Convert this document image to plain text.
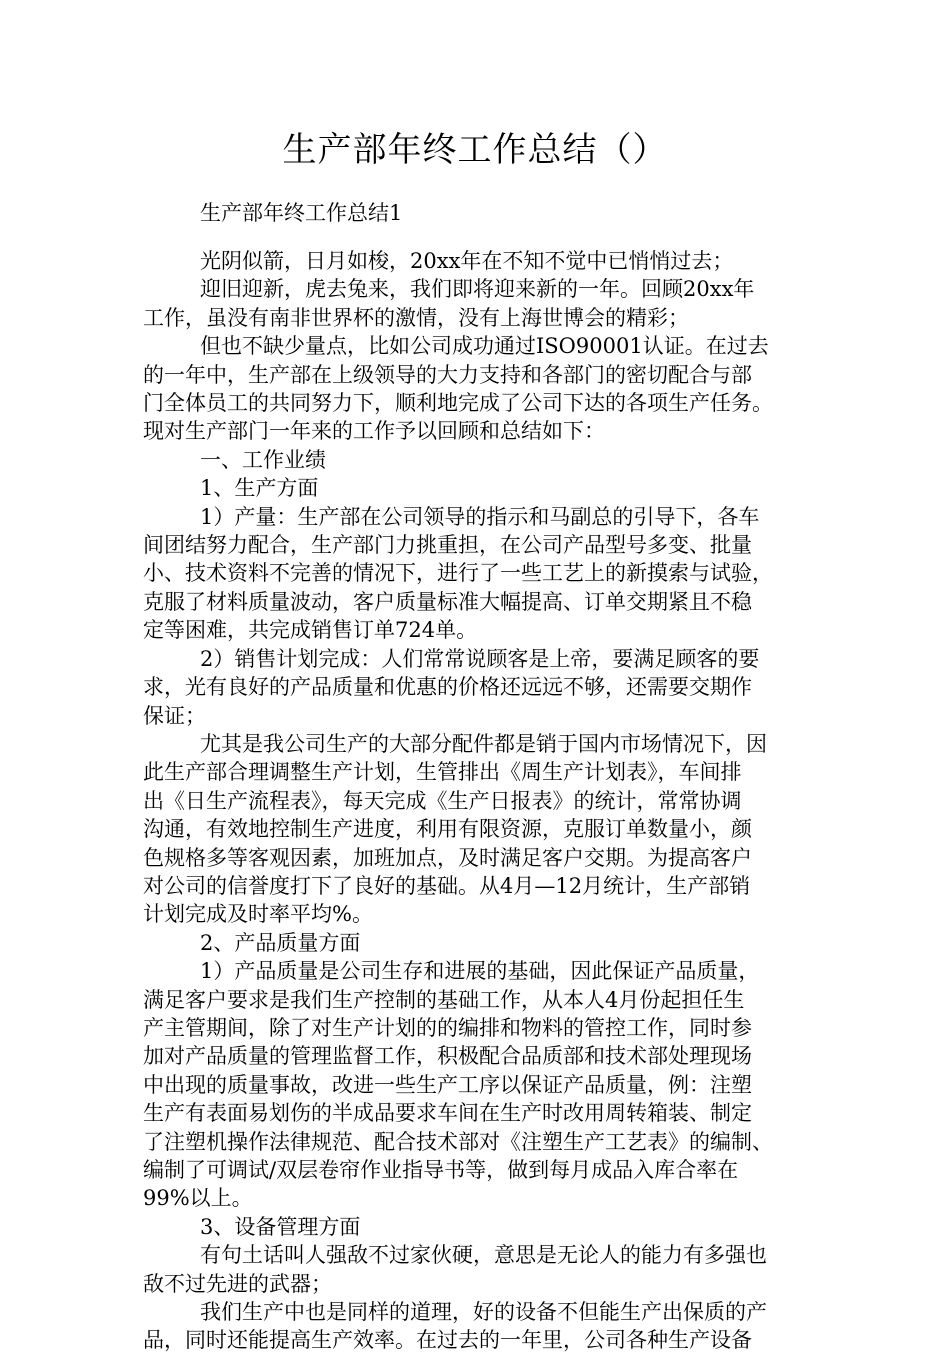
生产部年终工作总结（）
生产部年终工作总结1
光阴似箭，日月如梭，20xx年在不知不觉中已悄悄过去；
迎旧迎新，虎去兔来，我们即将迎来新的一年。回顾20xx年
工作，虽没有南非世界杯的激情，没有上海世博会的精彩；
但也不缺少量点，比如公司成功通过ISO90001认证。在过去
的一年中，生产部在上级领导的大力支持和各部门的密切配合与部
门全体员工的共同努力下，顺利地完成了公司下达的各项生产任务。
现对生产部门一年来的工作予以回顾和总结如下：
一、工作业绩
1、生产方面
1）产量：生产部在公司领导的指示和马副总的引导下，各车
间团结努力配合，生产部门力挑重担，在公司产品型号多变、批量
小、技术资料不完善的情况下，进行了一些工艺上的新摸索与试验，
克服了材料质量波动，客户质量标准大幅提高、订单交期紧且不稳
定等困难，共完成销售订单724单。
2）销售计划完成：人们常常说顾客是上帝，要满足顾客的要
求，光有良好的产品质量和优惠的价格还远远不够，还需要交期作
保证；
尤其是我公司生产的大部分配件都是销于国内市场情况下，因
此生产部合理调整生产计划，生管排出《周生产计划表》，车间排
出《日生产流程表》，每天完成《生产日报表》的统计，常常协调
沟通，有效地控制生产进度，利用有限资源，克服订单数量小，颜
色规格多等客观因素，加班加点，及时满足客户交期。为提高客户
对公司的信誉度打下了良好的基础。从4月—12月统计，生产部销
计划完成及时率平均%。
2、产品质量方面
1）产品质量是公司生存和进展的基础，因此保证产品质量，
满足客户要求是我们生产控制的基础工作，从本人4月份起担任生
产主管期间，除了对生产计划的的编排和物料的管控工作，同时参
加对产品质量的管理监督工作，积极配合品质部和技术部处理现场
中出现的质量事故，改进一些生产工序以保证产品质量，例：注塑
生产有表面易划伤的半成品要求车间在生产时改用周转箱装、制定
了注塑机操作法律规范、配合技术部对《注塑生产工艺表》的编制、
编制了可调试/双层卷帘作业指导书等，做到每月成品入库合率在
99%以上。
3、设备管理方面
有句土话叫人强敌不过家伙硬，意思是无论人的能力有多强也
敌不过先进的武器；
我们生产中也是同样的道理，好的设备不但能生产出保质的产
品，同时还能提高生产效率。在过去的一年里，公司各种生产设备
